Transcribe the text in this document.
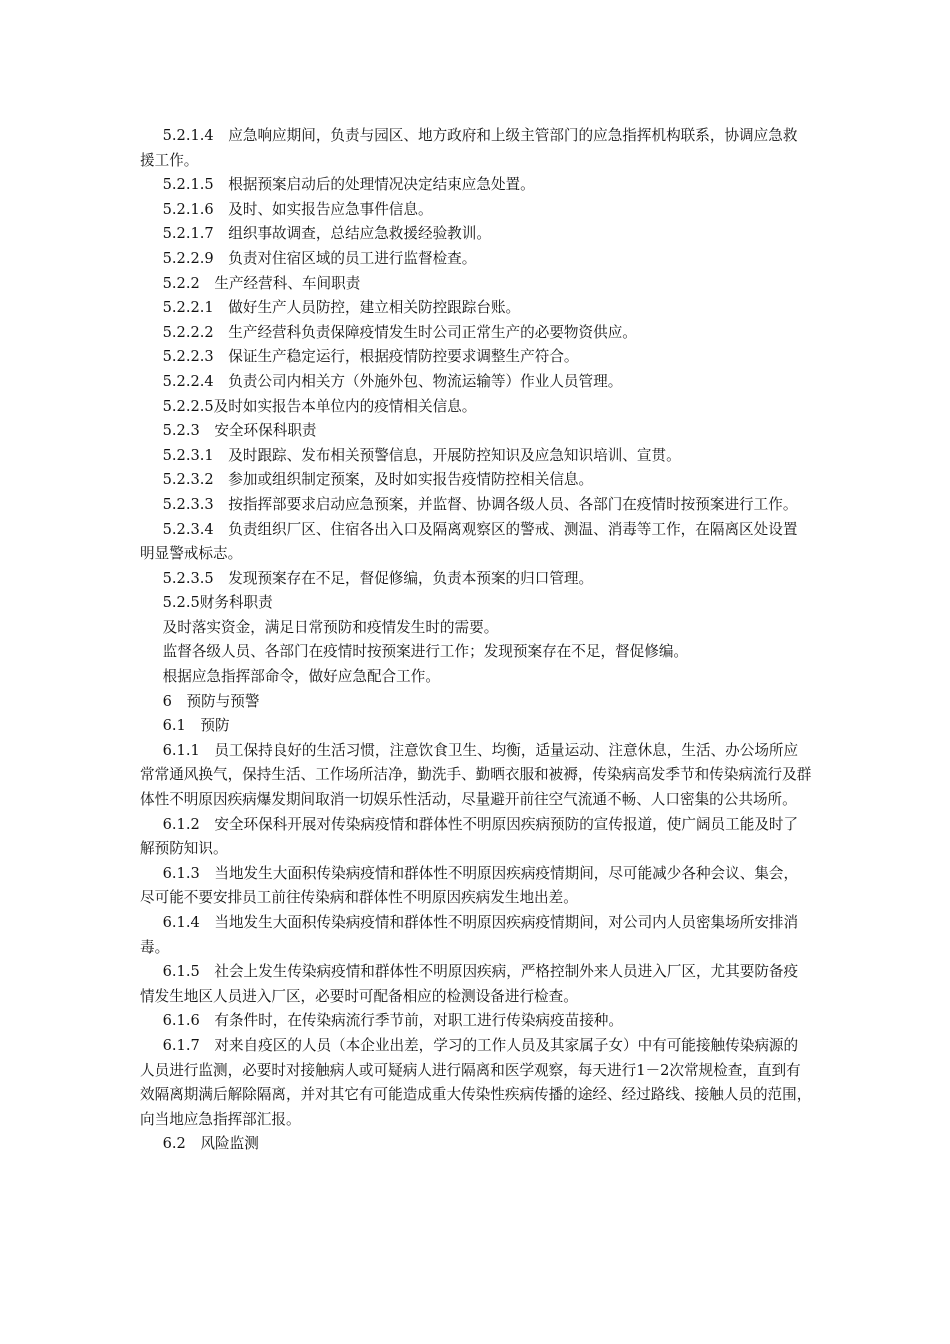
5.2.1.4　应急响应期间，负责与园区、地方政府和上级主管部门的应急指挥机构联系，协调应急救援工作。

5.2.1.5　根据预案启动后的处理情况决定结束应急处置。

5.2.1.6　及时、如实报告应急事件信息。

5.2.1.7　组织事故调查，总结应急救援经验教训。

5.2.2.9　负责对住宿区域的员工进行监督检查。

5.2.2　生产经营科、车间职责

5.2.2.1　做好生产人员防控，建立相关防控跟踪台账。

5.2.2.2　生产经营科负责保障疫情发生时公司正常生产的必要物资供应。

5.2.2.3　保证生产稳定运行，根据疫情防控要求调整生产符合。

5.2.2.4　负责公司内相关方（外施外包、物流运输等）作业人员管理。

5.2.2.5及时如实报告本单位内的疫情相关信息。

5.2.3　安全环保科职责

5.2.3.1　及时跟踪、发布相关预警信息，开展防控知识及应急知识培训、宣贯。

5.2.3.2　参加或组织制定预案，及时如实报告疫情防控相关信息。

5.2.3.3　按指挥部要求启动应急预案，并监督、协调各级人员、各部门在疫情时按预案进行工作。

5.2.3.4　负责组织厂区、住宿各出入口及隔离观察区的警戒、测温、消毒等工作，在隔离区处设置明显警戒标志。

5.2.3.5　发现预案存在不足，督促修编，负责本预案的归口管理。

5.2.5财务科职责

及时落实资金，满足日常预防和疫情发生时的需要。

监督各级人员、各部门在疫情时按预案进行工作；发现预案存在不足，督促修编。

根据应急指挥部命令，做好应急配合工作。

6　预防与预警

6.1　预防

6.1.1　员工保持良好的生活习惯，注意饮食卫生、均衡，适量运动、注意休息，生活、办公场所应常常通风换气，保持生活、工作场所洁净，勤洗手、勤晒衣服和被褥，传染病高发季节和传染病流行及群体性不明原因疾病爆发期间取消一切娱乐性活动，尽量避开前往空气流通不畅、人口密集的公共场所。

6.1.2　安全环保科开展对传染病疫情和群体性不明原因疾病预防的宣传报道，使广阔员工能及时了解预防知识。

6.1.3　当地发生大面积传染病疫情和群体性不明原因疾病疫情期间，尽可能减少各种会议、集会，尽可能不要安排员工前往传染病和群体性不明原因疾病发生地出差。

6.1.4　当地发生大面积传染病疫情和群体性不明原因疾病疫情期间，对公司内人员密集场所安排消毒。

6.1.5　社会上发生传染病疫情和群体性不明原因疾病，严格控制外来人员进入厂区，尤其要防备疫情发生地区人员进入厂区，必要时可配备相应的检测设备进行检查。

6.1.6　有条件时，在传染病流行季节前，对职工进行传染病疫苗接种。

6.1.7　对来自疫区的人员（本企业出差，学习的工作人员及其家属子女）中有可能接触传染病源的人员进行监测，必要时对接触病人或可疑病人进行隔离和医学观察，每天进行1－2次常规检查，直到有效隔离期满后解除隔离，并对其它有可能造成重大传染性疾病传播的途经、经过路线、接触人员的范围，向当地应急指挥部汇报。

6.2　风险监测
